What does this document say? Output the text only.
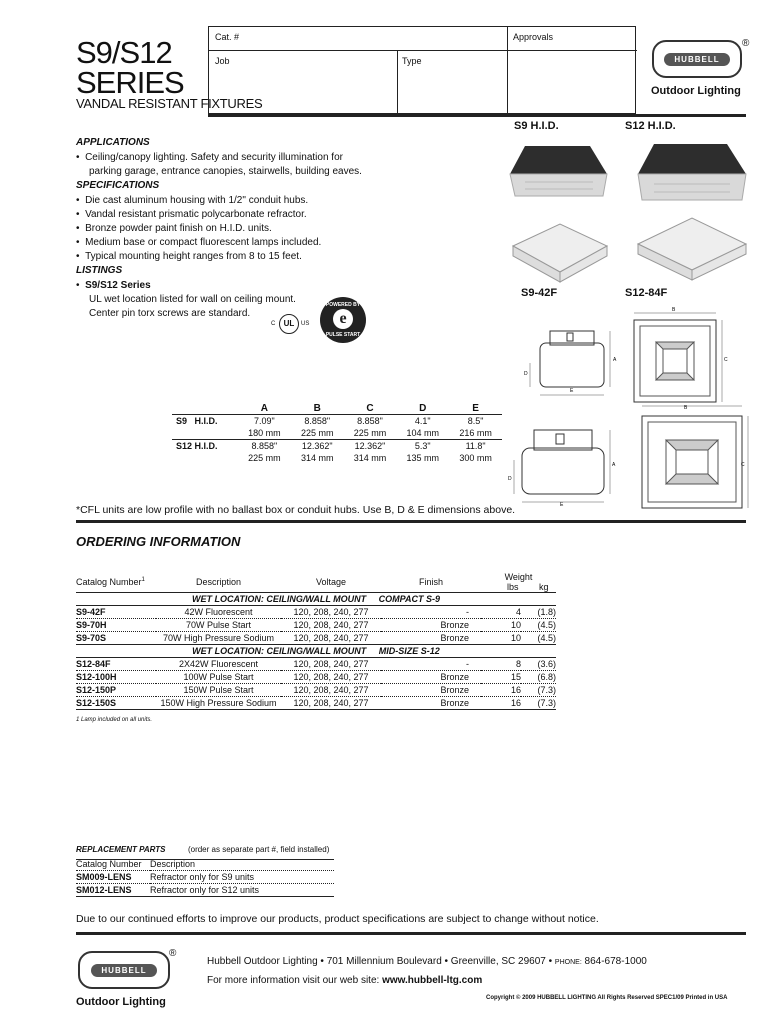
S9/S12
SERIES
VANDAL RESISTANT FIXTURES
Cat. #	Approvals
Job	Type	HUBBELL
®
Outdoor Lighting
APPLICATIONS
•  Ceiling/canopy lighting. Safety and security illumination for
parking garage, entrance canopies, stairwells, building eaves.
SPECIFICATIONS
•  Die cast aluminum housing with 1/2" conduit hubs.
•  Vandal resistant prismatic polycarbonate refractor.
•  Bronze powder paint finish on H.I.D. units.
•  Medium base or compact fluorescent lamps included.
•  Typical mounting height ranges from 8 to 15 feet.
LISTINGS
•  S9/S12 Series
UL wet location listed for wall on ceiling mount.
Center pin torx screws are standard.
C	UL	US
POWERED BY
e
PULSE START
S9 H.I.D.	S12 H.I.D.
S9-42F	S12-84F
B
A	C
D
E
B
A
D
E
C
	A	B	C	D	E
S9 H.I.D.	7.09"	8.858"	8.858"	4.1"	8.5"
	180 mm	225 mm	225 mm	104 mm	216 mm
S12 H.I.D.	8.858"	12.362"	12.362"	5.3"	11.8"
	225 mm	314 mm	314 mm	135 mm	300 mm
*CFL units are low profile with no ballast box or conduit hubs. Use B, D & E dimensions above.
ORDERING INFORMATION
Catalog Number$^1$	Description	Voltage	Finish	Weight
lbs kg
WET LOCATION: CEILING/WALL MOUNT     COMPACT S-9
S9-42F	42W Fluorescent	120, 208, 240, 277	-	4	(1.8)
S9-70H	70W Pulse Start	120, 208, 240, 277	Bronze	10	(4.5)
S9-70S	70W High Pressure Sodium	120, 208, 240, 277	Bronze	10	(4.5)
WET LOCATION: CEILING/WALL MOUNT     MID-SIZE S-12
S12-84F	2X42W Fluorescent	120, 208, 240, 277	-	8	(3.6)
S12-100H	100W Pulse Start	120, 208, 240, 277	Bronze	15	(6.8)
S12-150P	150W Pulse Start	120, 208, 240, 277	Bronze	16	(7.3)
S12-150S	150W High Pressure Sodium	120, 208, 240, 277	Bronze	16	(7.3)
1 Lamp included on all units.
REPLACEMENT PARTS	(order as separate part #, field installed)
Catalog Number	Description
SM009-LENS	Refractor only for S9 units
SM012-LENS	Refractor only for S12 units
Due to our continued efforts to improve our products, product specifications are subject to change without notice.
HUBBELL
®
Outdoor Lighting
Hubbell Outdoor Lighting • 701 Millennium Boulevard • Greenville, SC 29607 • PHONE: 864-678-1000
For more information visit our web site: www.hubbell-ltg.com
Copyright © 2009 HUBBELL LIGHTING All Rights Reserved SPEC1/09 Printed in USA
